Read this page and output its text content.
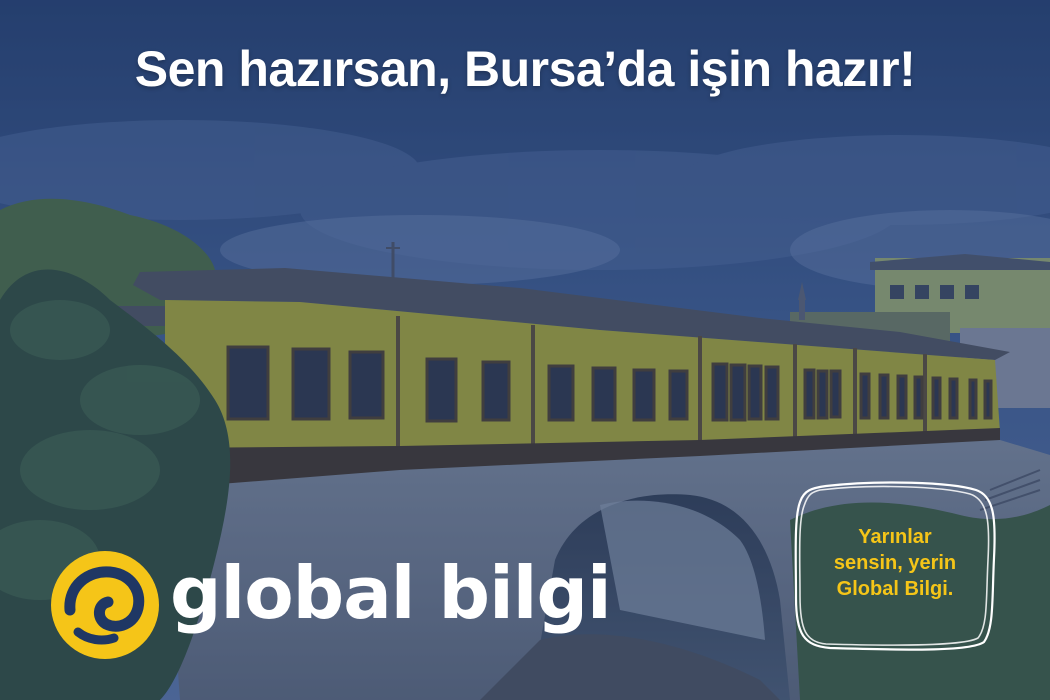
Sen hazırsan, Bursa’da işin hazır!
global bilgi
Yarınlar
sensin, yerin
Global Bilgi.
